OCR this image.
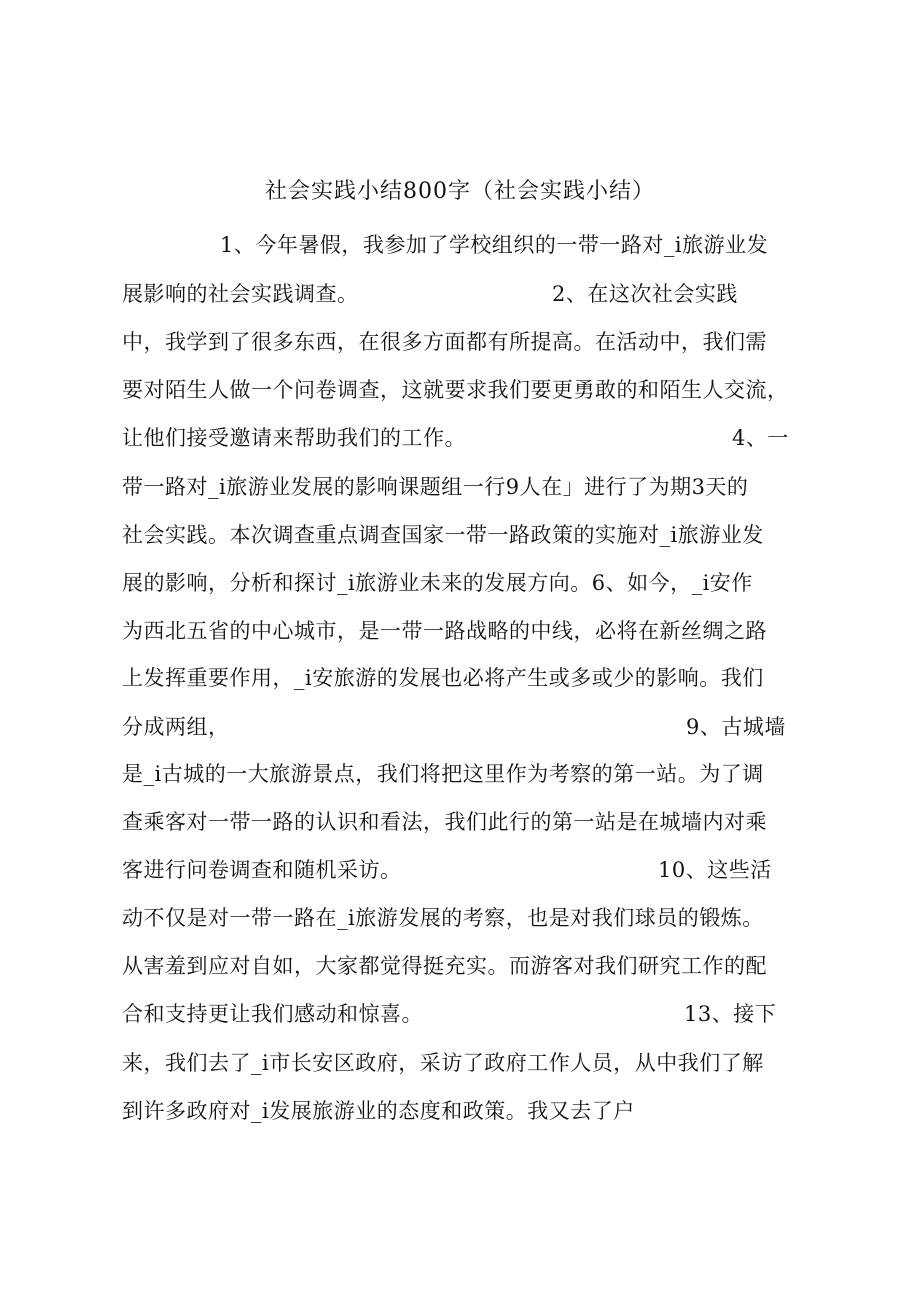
社会实践小结800字（社会实践小结）
1、今年暑假，我参加了学校组织的一带一路对_i旅游业发
展影响的社会实践调查。	2、在这次社会实践
中，我学到了很多东西，在很多方面都有所提高。在活动中，我们需
要对陌生人做一个问卷调查，这就要求我们要更勇敢的和陌生人交流，
让他们接受邀请来帮助我们的工作。	4、一
带一路对_i旅游业发展的影响课题组一行9人在」进行了为期3天的
社会实践。本次调查重点调查国家一带一路政策的实施对_i旅游业发
展的影响，分析和探讨_i旅游业未来的发展方向。6、如今，_i安作
为西北五省的中心城市，是一带一路战略的中线，必将在新丝绸之路
上发挥重要作用，_i安旅游的发展也必将产生或多或少的影响。我们
分成两组，	9、古城墙
是_i古城的一大旅游景点，我们将把这里作为考察的第一站。为了调
查乘客对一带一路的认识和看法，我们此行的第一站是在城墙内对乘
客进行问卷调查和随机采访。	10、这些活
动不仅是对一带一路在_i旅游发展的考察，也是对我们球员的锻炼。
从害羞到应对自如，大家都觉得挺充实。而游客对我们研究工作的配
合和支持更让我们感动和惊喜。	13、接下
来，我们去了_i市长安区政府，采访了政府工作人员，从中我们了解
到许多政府对_i发展旅游业的态度和政策。我又去了户
